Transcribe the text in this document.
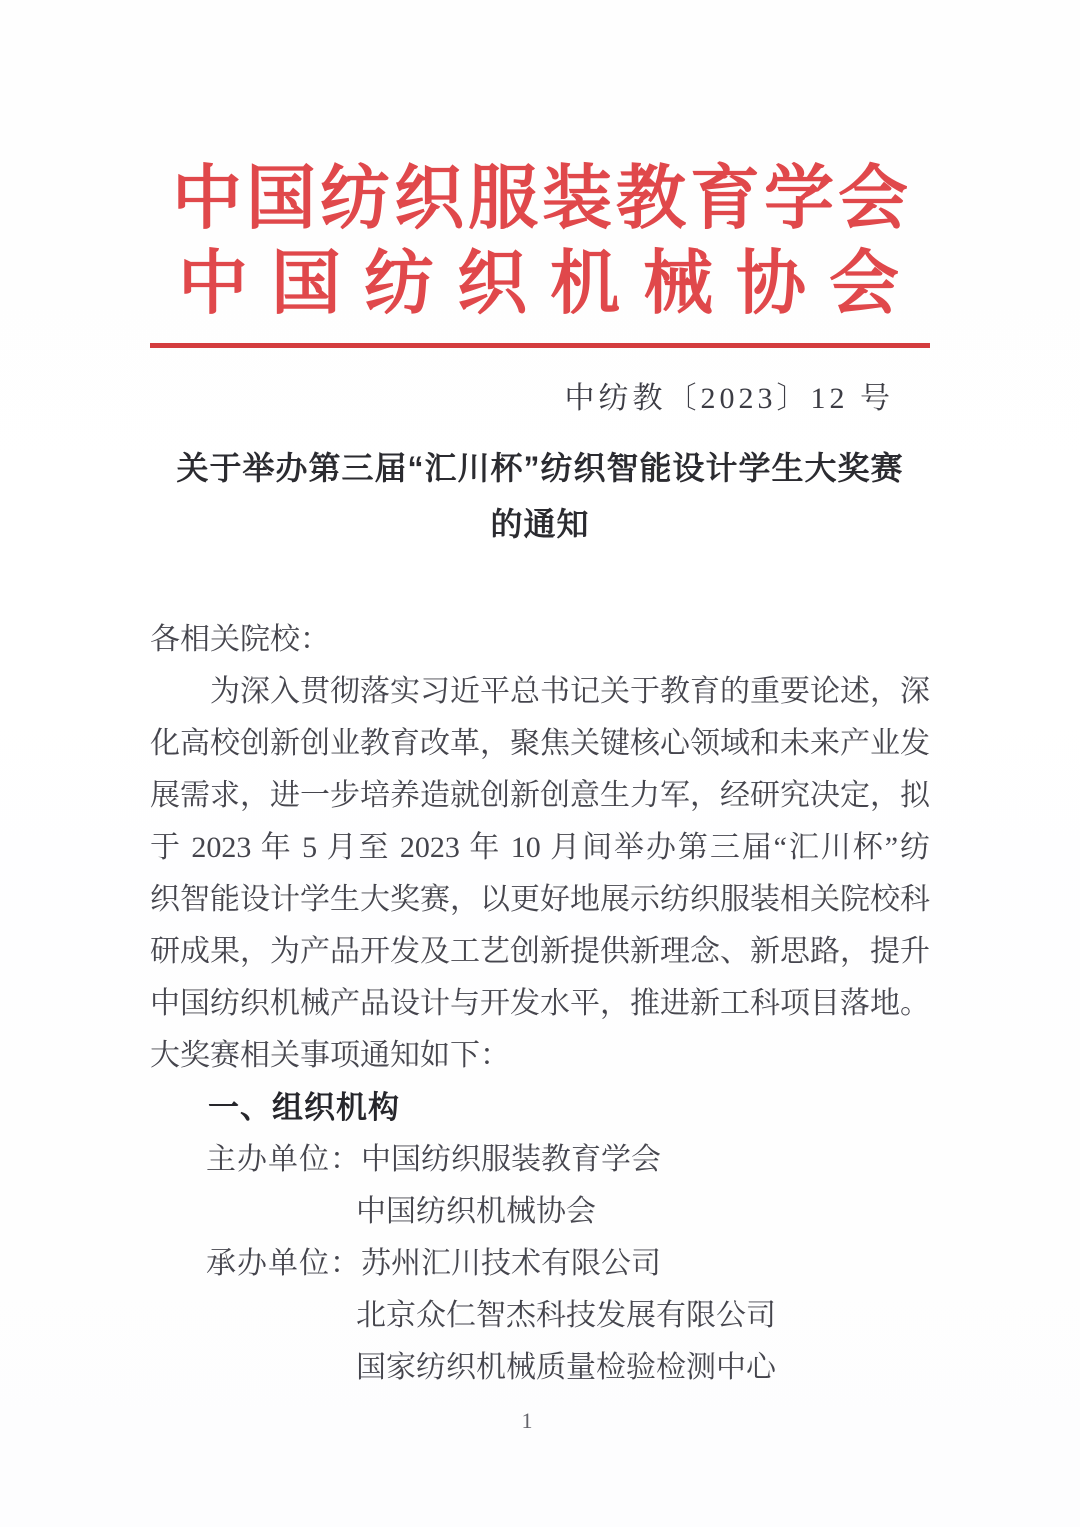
中国纺织服装教育学会
中国纺织机械协会
中纺教〔2023〕12 号
关于举办第三届“汇川杯”纺织智能设计学生大奖赛
的通知
各相关院校：
为深入贯彻落实习近平总书记关于教育的重要论述，深
化高校创新创业教育改革，聚焦关键核心领域和未来产业发
展需求，进一步培养造就创新创意生力军，经研究决定，拟
于 2023 年 5 月至 2023 年 10 月间举办第三届“汇川杯”纺
织智能设计学生大奖赛，以更好地展示纺织服装相关院校科
研成果，为产品开发及工艺创新提供新理念、新思路，提升
中国纺织机械产品设计与开发水平，推进新工科项目落地。
大奖赛相关事项通知如下：
一、组织机构
主办单位：中国纺织服装教育学会
中国纺织机械协会
承办单位：苏州汇川技术有限公司
北京众仁智杰科技发展有限公司
国家纺织机械质量检验检测中心
1
